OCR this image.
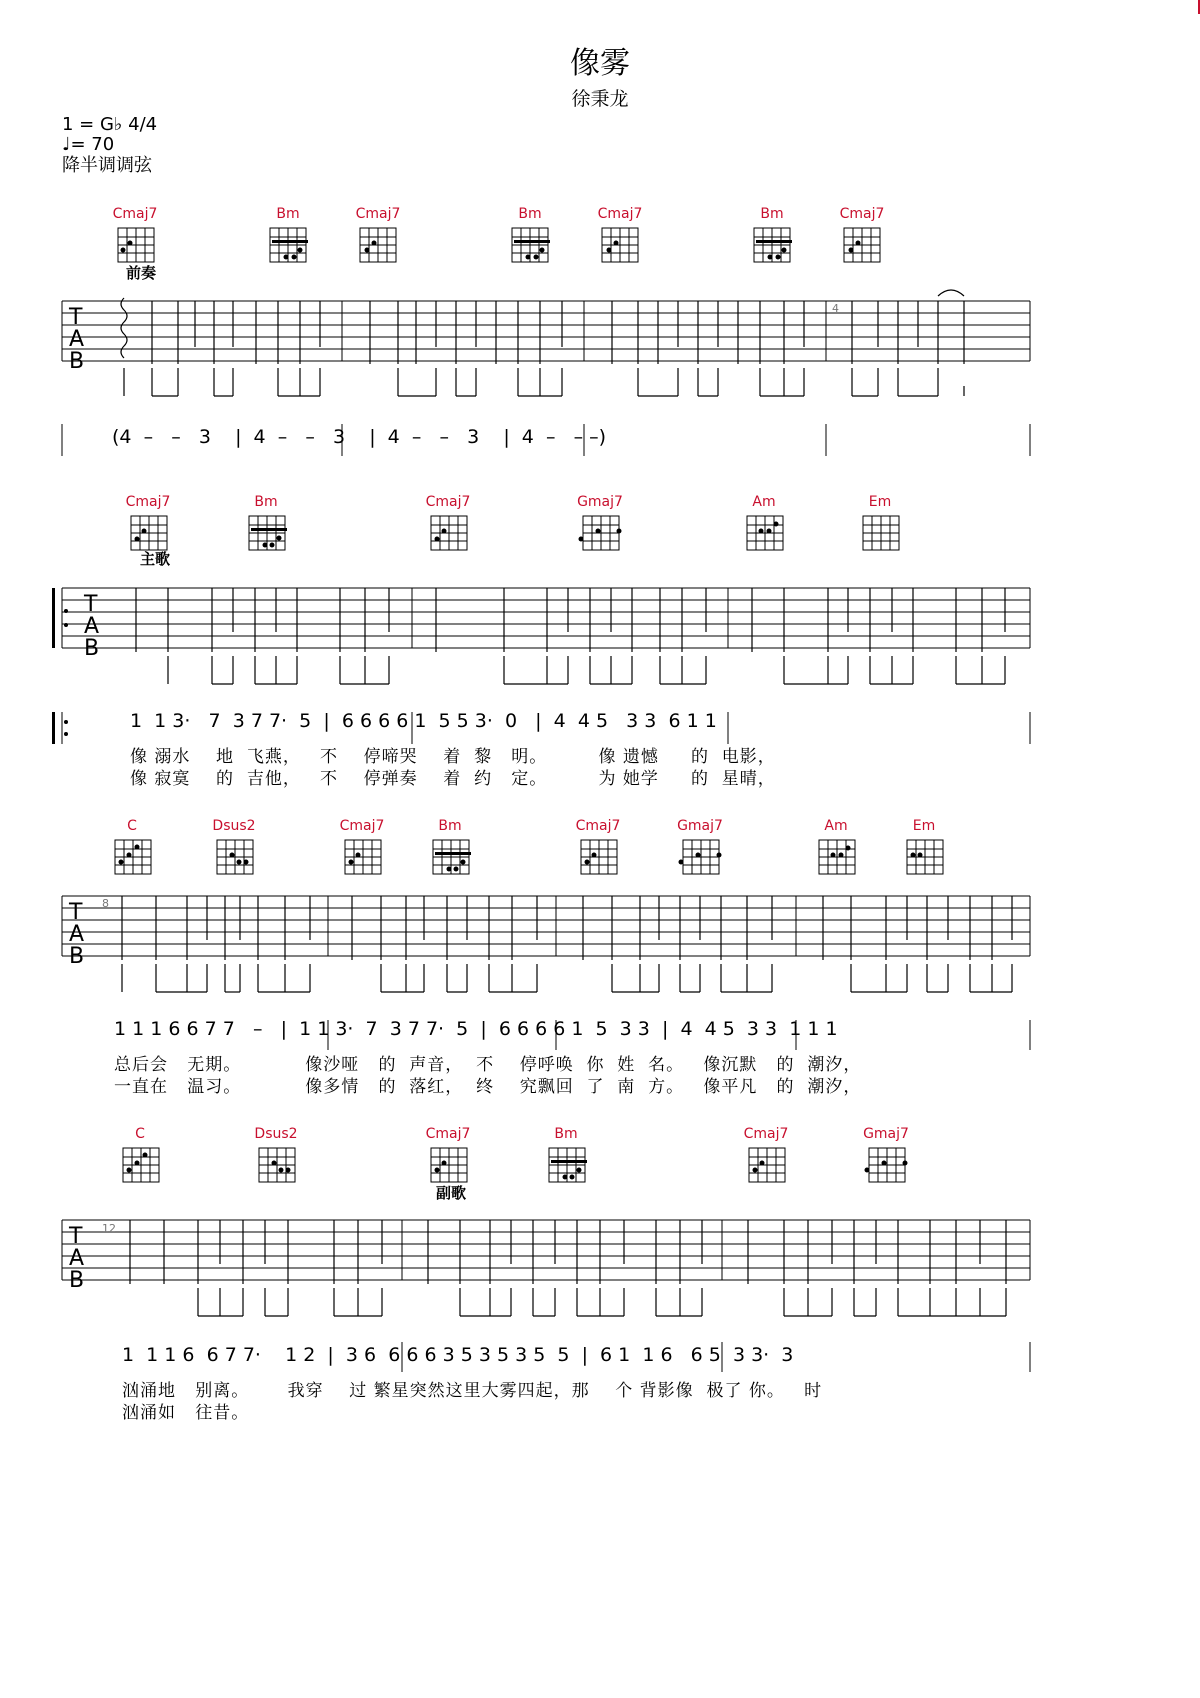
像雾
徐秉龙
1 = G♭ 4/4
♩= 70
降半调调弦
Cmaj7	Bm	Cmaj7	Bm	Cmaj7	Bm	Cmaj7
T
A
B
前奏
4
(4  –   –   3    |  4  –   –   3    |  4  –   –   3    |  4  –   – –)
Cmaj7	Bm	Cmaj7	Gmaj7	Am	Em
T
A
B
主歌
1  1 3·   7  3 7 7·  5  |  6 6 6 6 1  5 5 3·  0   |  4  4 5   3 3  6 1 1
像 溺水    地  飞燕，   不    停啼哭    着  黎   明。        像 遗憾     的  电影，
像 寂寞    的  吉他，   不    停弹奏    着  约   定。        为 她学     的  星晴，
C	Dsus2	Cmaj7	Bm	Cmaj7	Gmaj7	Am	Em
T
A
B
8
1 1 1 6 6 7 7   –   |  1 1 3·  7  3 7 7·  5  |  6 6 6 6 1  5  3 3  |  4  4 5  3 3  1 1 1
总后会   无期。          像沙哑   的  声音，  不    停呼唤  你  姓  名。   像沉默   的  潮汐，
一直在   温习。          像多情   的  落红，  终    究飘回  了  南  方。   像平凡   的  潮汐，
C	Dsus2	Cmaj7	Bm	Cmaj7	Gmaj7
T
A
B
副歌
12
1  1 1 6  6 7 7·    1 2  |  3 6  6 6 6 3 5 3 5 3 5  5  |  6 1  1 6   6 5  3 3·  3
汹涌地   别离。      我穿    过 繁星突然这里大雾四起，那    个 背影像  极了 你。   时
汹涌如   往昔。
